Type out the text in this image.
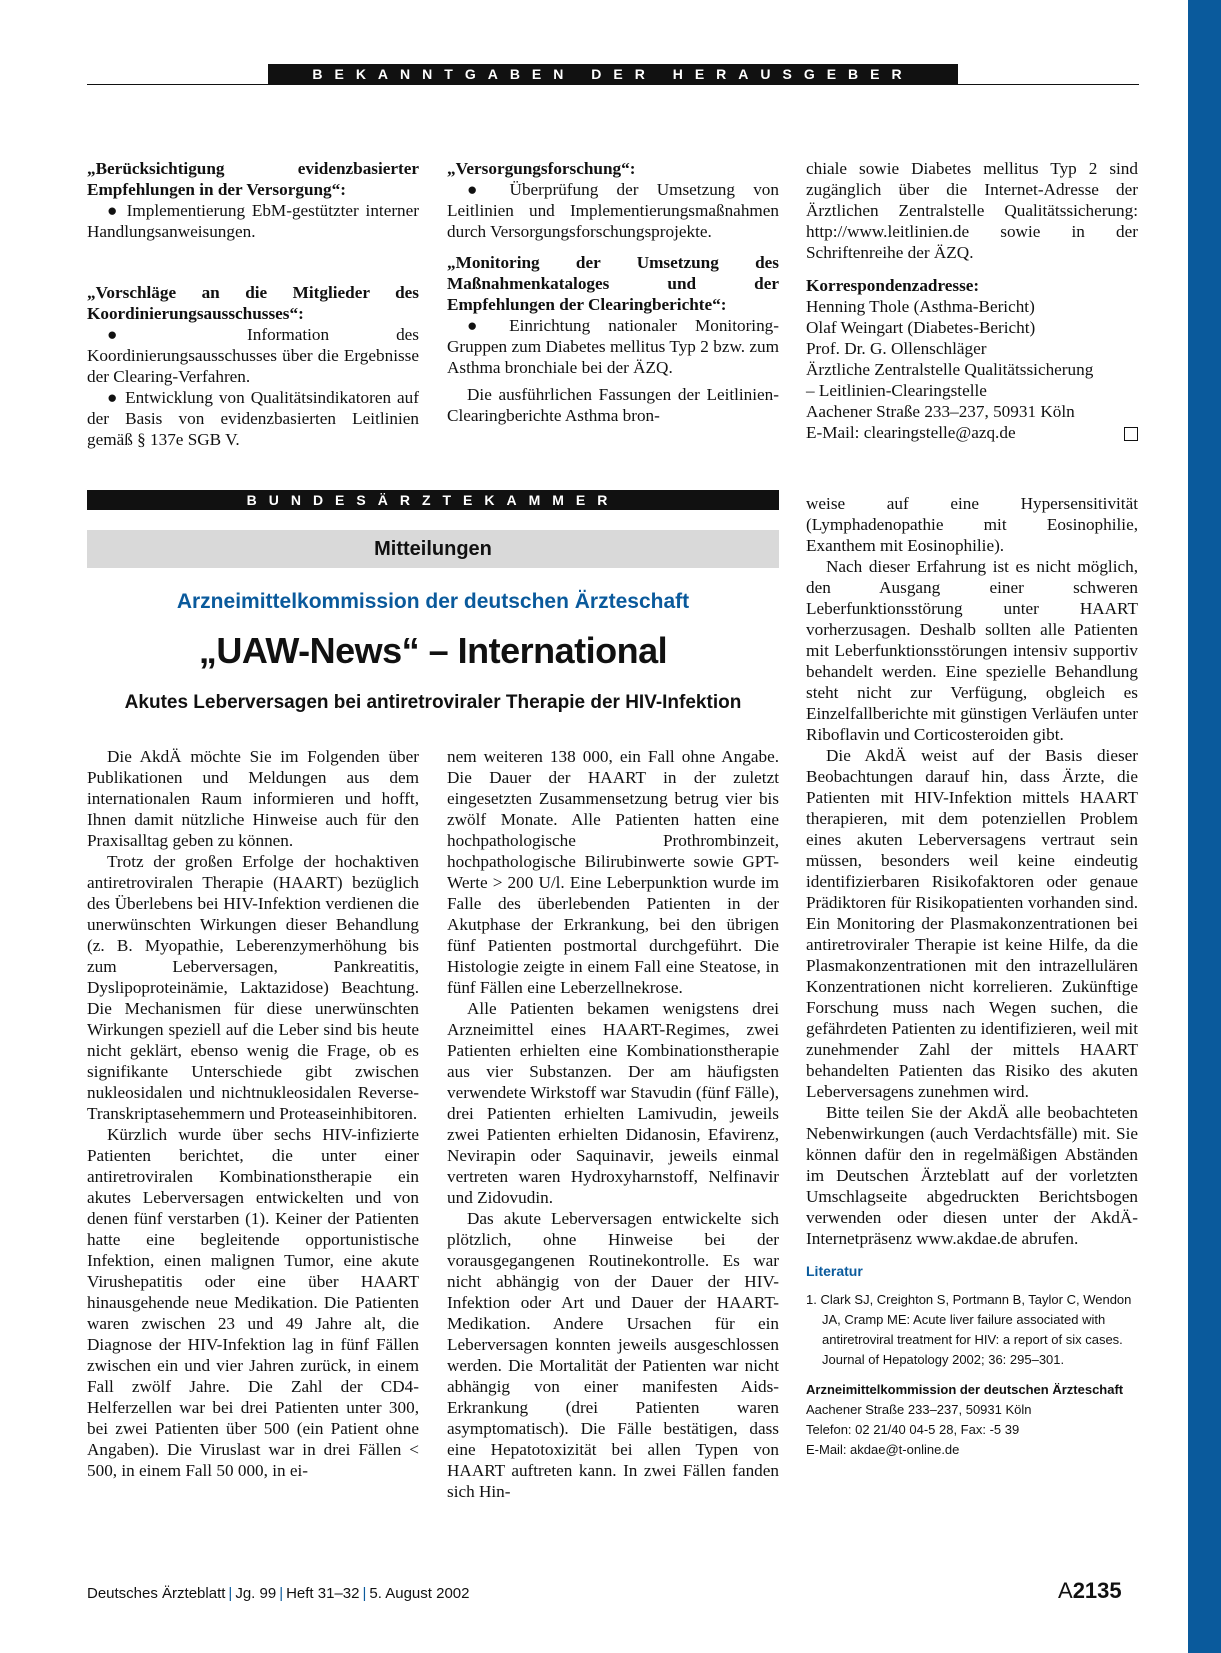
BEKANNTGABEN DER HERAUSGEBER

„Berücksichtigung evidenzbasierter Empfehlungen in der Versorgung“:

● Implementierung EbM-gestützter interner Handlungsanweisungen.

„Vorschläge an die Mitglieder des Koordinierungsausschusses“:

● Information des Koordinierungsausschusses über die Ergebnisse der Clearing-Verfahren.

● Entwicklung von Qualitätsindikatoren auf der Basis von evidenzbasierten Leitlinien gemäß § 137e SGB V.

„Versorgungsforschung“:

● Überprüfung der Umsetzung von Leitlinien und Implementierungsmaßnahmen durch Versorgungsforschungsprojekte.

„Monitoring der Umsetzung des Maßnahmenkataloges und der Empfehlungen der Clearingberichte“:

● Einrichtung nationaler Monitoring-Gruppen zum Diabetes mellitus Typ 2 bzw. zum Asthma bronchiale bei der ÄZQ.

Die ausführlichen Fassungen der Leitlinien-Clearingberichte Asthma bron-

chiale sowie Diabetes mellitus Typ 2 sind zugänglich über die Internet-Adresse der Ärztlichen Zentralstelle Qualitätssicherung: http://www.leitlinien.de sowie in der Schriftenreihe der ÄZQ.

Korrespondenzadresse:

Henning Thole (Asthma-Bericht)

Olaf Weingart (Diabetes-Bericht)

Prof. Dr. G. Ollenschläger

Ärztliche Zentralstelle Qualitätssicherung

– Leitlinien-Clearingstelle

Aachener Straße 233–237, 50931 Köln

E-Mail: clearingstelle@azq.de

BUNDESÄRZTEKAMMER
Mitteilungen
Arzneimittelkommission der deutschen Ärzteschaft
„UAW-News“ – International
Akutes Leberversagen bei antiretroviraler Therapie der HIV-Infektion

Die AkdÄ möchte Sie im Folgenden über Publikationen und Meldungen aus dem internationalen Raum informieren und hofft, Ihnen damit nützliche Hinweise auch für den Praxisalltag geben zu können.

Trotz der großen Erfolge der hochaktiven antiretroviralen Therapie (HAART) bezüglich des Überlebens bei HIV-Infektion verdienen die unerwünschten Wirkungen dieser Behandlung (z. B. Myopathie, Leberenzymerhöhung bis zum Leberversagen, Pankreatitis, Dyslipoproteinämie, Laktazidose) Beachtung. Die Mechanismen für diese unerwünschten Wirkungen speziell auf die Leber sind bis heute nicht geklärt, ebenso wenig die Frage, ob es signifikante Unterschiede gibt zwischen nukleosidalen und nichtnukleosidalen Reverse-Transkriptasehemmern und Proteaseinhibitoren.

Kürzlich wurde über sechs HIV-infizierte Patienten berichtet, die unter einer antiretroviralen Kombinationstherapie ein akutes Leberversagen entwickelten und von denen fünf verstarben (1). Keiner der Patienten hatte eine begleitende opportunistische Infektion, einen malignen Tumor, eine akute Virushepatitis oder eine über HAART hinausgehende neue Medikation. Die Patienten waren zwischen 23 und 49 Jahre alt, die Diagnose der HIV-Infektion lag in fünf Fällen zwischen ein und vier Jahren zurück, in einem Fall zwölf Jahre. Die Zahl der CD4-Helferzellen war bei drei Patienten unter 300, bei zwei Patienten über 500 (ein Patient ohne Angaben). Die Viruslast war in drei Fällen < 500, in einem Fall 50 000, in ei-

nem weiteren 138 000, ein Fall ohne Angabe. Die Dauer der HAART in der zuletzt eingesetzten Zusammensetzung betrug vier bis zwölf Monate. Alle Patienten hatten eine hochpathologische Prothrombinzeit, hochpathologische Bilirubinwerte sowie GPT-Werte > 200 U/l. Eine Leberpunktion wurde im Falle des überlebenden Patienten in der Akutphase der Erkrankung, bei den übrigen fünf Patienten postmortal durchgeführt. Die Histologie zeigte in einem Fall eine Steatose, in fünf Fällen eine Leberzellnekrose.

Alle Patienten bekamen wenigstens drei Arzneimittel eines HAART-Regimes, zwei Patienten erhielten eine Kombinationstherapie aus vier Substanzen. Der am häufigsten verwendete Wirkstoff war Stavudin (fünf Fälle), drei Patienten erhielten Lamivudin, jeweils zwei Patienten erhielten Didanosin, Efavirenz, Nevirapin oder Saquinavir, jeweils einmal vertreten waren Hydroxyharnstoff, Nelfinavir und Zidovudin.

Das akute Leberversagen entwickelte sich plötzlich, ohne Hinweise bei der vorausgegangenen Routinekontrolle. Es war nicht abhängig von der Dauer der HIV-Infektion oder Art und Dauer der HAART-Medikation. Andere Ursachen für ein Leberversagen konnten jeweils ausgeschlossen werden. Die Mortalität der Patienten war nicht abhängig von einer manifesten Aids-Erkrankung (drei Patienten waren asymptomatisch). Die Fälle bestätigen, dass eine Hepatotoxizität bei allen Typen von HAART auftreten kann. In zwei Fällen fanden sich Hin-

weise auf eine Hypersensitivität (Lymphadenopathie mit Eosinophilie, Exanthem mit Eosinophilie).

Nach dieser Erfahrung ist es nicht möglich, den Ausgang einer schweren Leberfunktionsstörung unter HAART vorherzusagen. Deshalb sollten alle Patienten mit Leberfunktionsstörungen intensiv supportiv behandelt werden. Eine spezielle Behandlung steht nicht zur Verfügung, obgleich es Einzelfallberichte mit günstigen Verläufen unter Riboflavin und Corticosteroiden gibt.

Die AkdÄ weist auf der Basis dieser Beobachtungen darauf hin, dass Ärzte, die Patienten mit HIV-Infektion mittels HAART therapieren, mit dem potenziellen Problem eines akuten Leberversagens vertraut sein müssen, besonders weil keine eindeutig identifizierbaren Risikofaktoren oder genaue Prädiktoren für Risikopatienten vorhanden sind. Ein Monitoring der Plasmakonzentrationen bei antiretroviraler Therapie ist keine Hilfe, da die Plasmakonzentrationen mit den intrazellulären Konzentrationen nicht korrelieren. Zukünftige Forschung muss nach Wegen suchen, die gefährdeten Patienten zu identifizieren, weil mit zunehmender Zahl der mittels HAART behandelten Patienten das Risiko des akuten Leberversagens zunehmen wird.

Bitte teilen Sie der AkdÄ alle beobachteten Nebenwirkungen (auch Verdachtsfälle) mit. Sie können dafür den in regelmäßigen Abständen im Deutschen Ärzteblatt auf der vorletzten Umschlagseite abgedruckten Berichtsbogen verwenden oder diesen unter der AkdÄ-Internetpräsenz www.akdae.de abrufen.

Literatur
1. Clark SJ, Creighton S, Portmann B, Taylor C, Wendon JA, Cramp ME: Acute liver failure associated with antiretroviral treatment for HIV: a report of six cases. Journal of Hepatology 2002; 36: 295–301.
Arzneimittelkommission der deutschen Ärzteschaft
Aachener Straße 233–237, 50931 Köln
Telefon: 02 21/40 04-5 28, Fax: -5 39
E-Mail: akdae@t-online.de
Deutsches Ärzteblatt | Jg. 99 | Heft 31–32 | 5. August 2002	A2135
